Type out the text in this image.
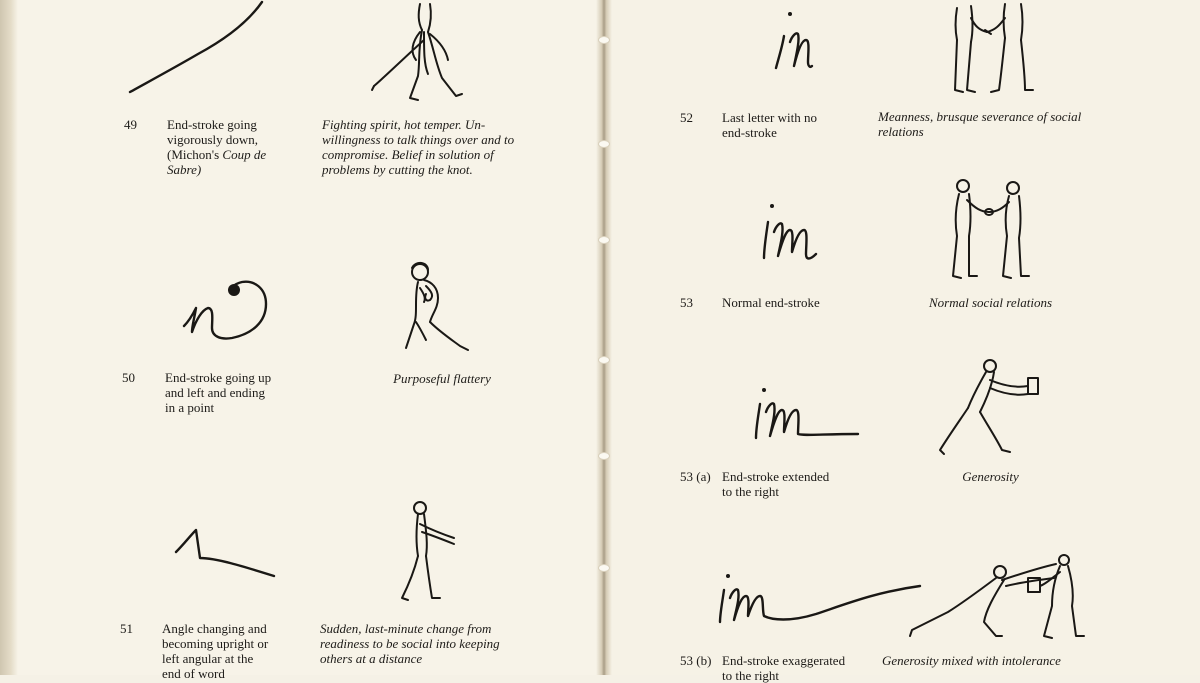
49 End-stroke going
vigorously down,
(Michon's Coup de
Sabre)
Fighting spirit, hot temper. Un-
willingness to talk things over and to
compromise. Belief in solution of
problems by cutting the knot.
50 End-stroke going up
and left and ending
in a point
Purposeful flattery
51 Angle changing and
becoming upright or
left angular at the
end of word
Sudden, last-minute change from
readiness to be social into keeping
others at a distance
52 Last letter with no
end-stroke
Meanness, brusque severance of social
relations
53 Normal end-stroke	Normal social relations
53 (a) End-stroke extended
to the right
Generosity
53 (b) End-stroke exaggerated
to the right
Generosity mixed with intolerance
